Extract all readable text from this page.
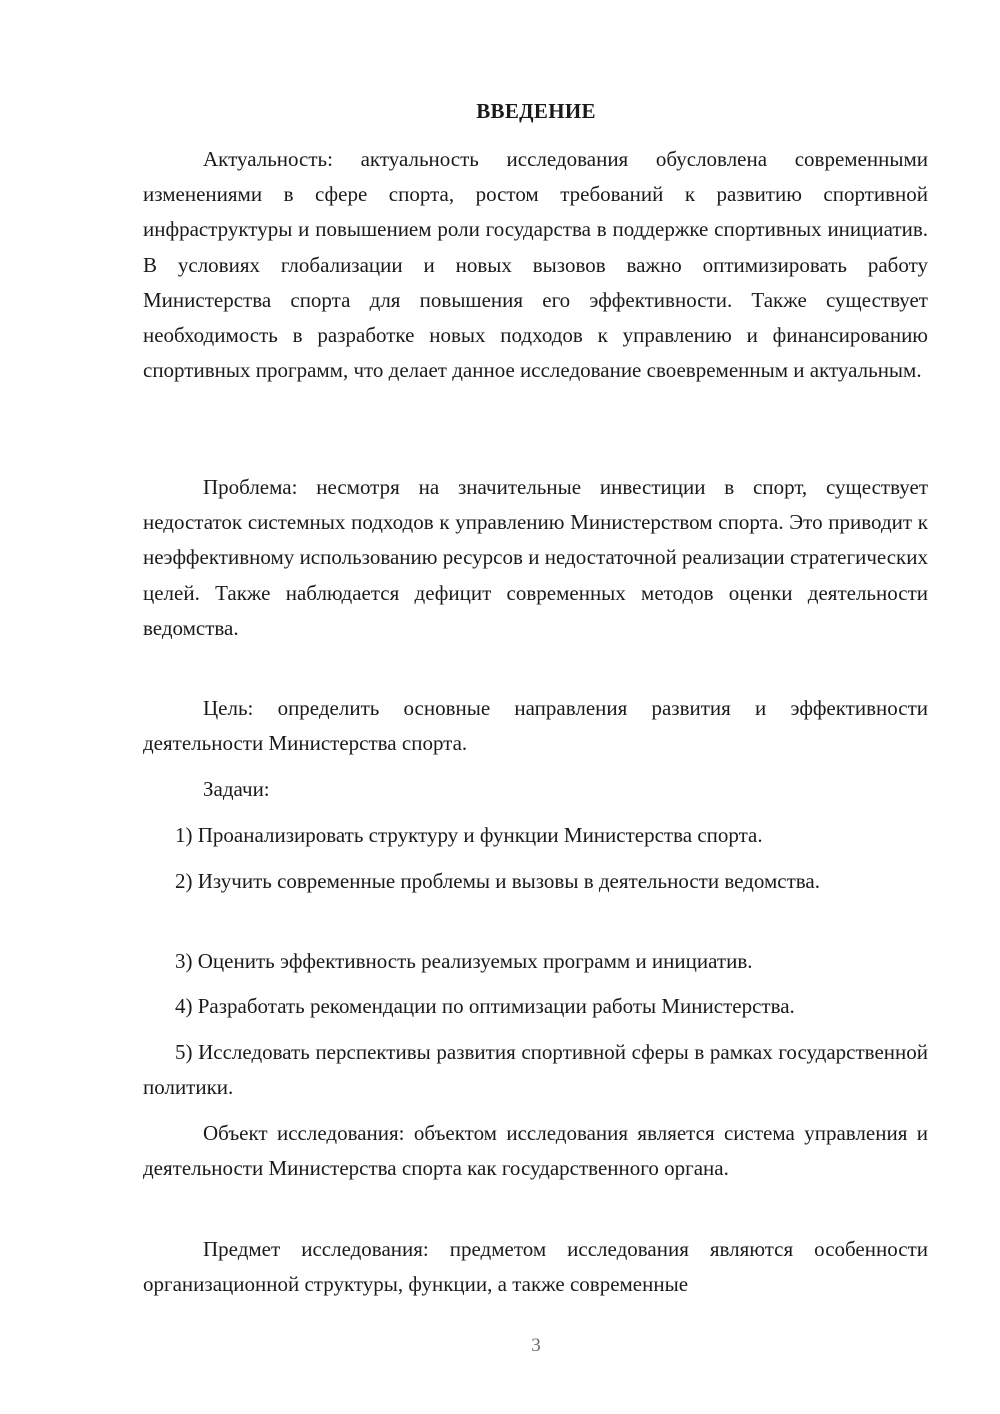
ВВЕДЕНИЕ

Актуальность: актуальность исследования обусловлена современными изменениями в сфере спорта, ростом требований к развитию спортивной инфраструктуры и повышением роли государства в поддержке спортивных инициатив. В условиях глобализации и новых вызовов важно оптимизировать работу Министерства спорта для повышения его эффективности. Также существует необходимость в разработке новых подходов к управлению и финансированию спортивных программ, что делает данное исследование своевременным и актуальным.

Проблема: несмотря на значительные инвестиции в спорт, существует недостаток системных подходов к управлению Министерством спорта. Это приводит к неэффективному использованию ресурсов и недостаточной реализации стратегических целей. Также наблюдается дефицит современных методов оценки деятельности ведомства.

Цель: определить основные направления развития и эффективности деятельности Министерства спорта.

Задачи:

1) Проанализировать структуру и функции Министерства спорта.

2) Изучить современные проблемы и вызовы в деятельности ведомства.

3) Оценить эффективность реализуемых программ и инициатив.

4) Разработать рекомендации по оптимизации работы Министерства.

5) Исследовать перспективы развития спортивной сферы в рамках государственной политики.

Объект исследования: объектом исследования является система управления и деятельности Министерства спорта как государственного органа.

Предмет исследования: предметом исследования являются особенности организационной структуры, функции, а также современные

3
